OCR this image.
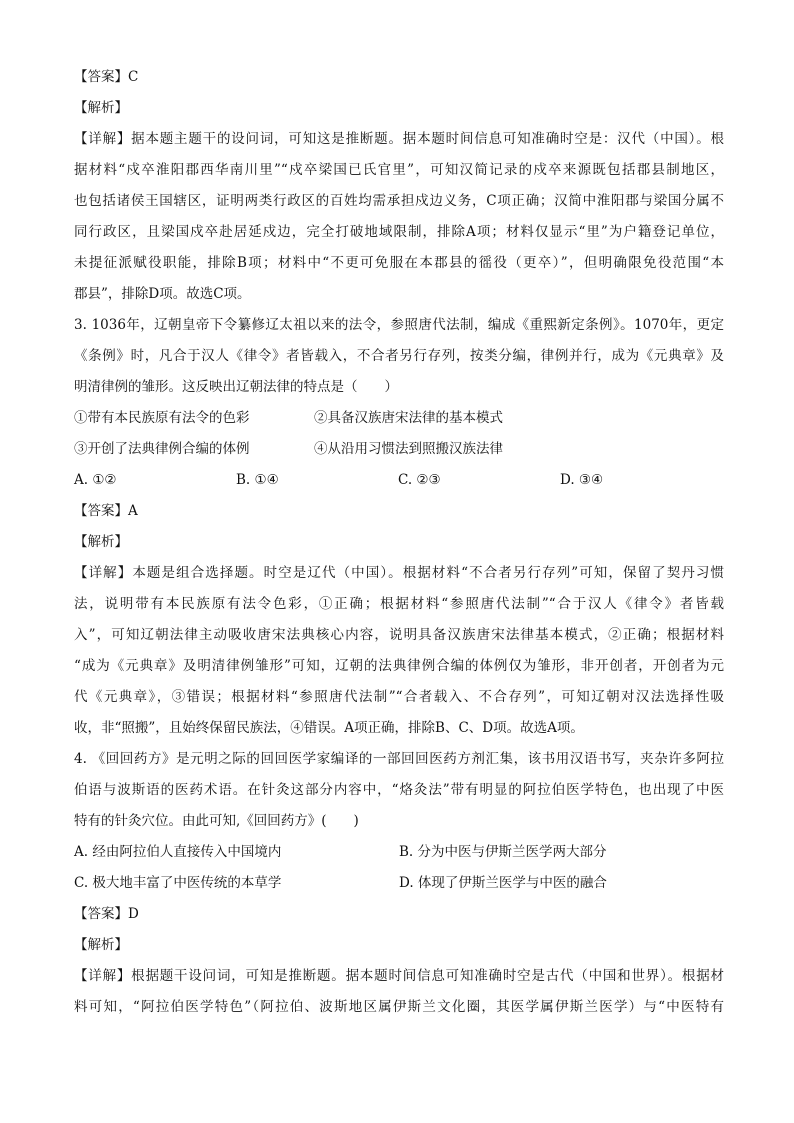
【答案】C
【解析】
【详解】据本题主题干的设问词，可知这是推断题。据本题时间信息可知准确时空是：汉代（中国）。根
据材料“戍卒淮阳郡西华南川里”“戍卒梁国已氏官里”，可知汉简记录的戍卒来源既包括郡县制地区，
也包括诸侯王国辖区，证明两类行政区的百姓均需承担戍边义务，C项正确；汉简中淮阳郡与梁国分属不
同行政区，且梁国戍卒赴居延戍边，完全打破地域限制，排除A项；材料仅显示“里”为户籍登记单位，
未提征派赋役职能，排除B项；材料中“不更可免服在本郡县的徭役（更卒）”，但明确限免役范围“本
郡县”，排除D项。故选C项。
3. 1036年，辽朝皇帝下令纂修辽太祖以来的法令，参照唐代法制，编成《重熙新定条例》。1070年，更定
《条例》时，凡合于汉人《律令》者皆载入，不合者另行存列，按类分编，律例并行，成为《元典章》及
明清律例的雏形。这反映出辽朝法律的特点是（　　）
①带有本民族原有法令的色彩	②具备汉族唐宋法律的基本模式
③开创了法典律例合编的体例	④从沿用习惯法到照搬汉族法律
A. ①②	B. ①④	C. ②③	D. ③④
【答案】A
【解析】
【详解】本题是组合选择题。时空是辽代（中国）。根据材料“不合者另行存列”可知，保留了契丹习惯
法，说明带有本民族原有法令色彩，①正确；根据材料“参照唐代法制”“合于汉人《律令》者皆载
入”，可知辽朝法律主动吸收唐宋法典核心内容，说明具备汉族唐宋法律基本模式，②正确；根据材料
“成为《元典章》及明清律例雏形”可知，辽朝的法典律例合编的体例仅为雏形，非开创者，开创者为元
代《元典章》，③错误；根据材料“参照唐代法制”“合者载入、不合存列”，可知辽朝对汉法选择性吸
收，非“照搬”，且始终保留民族法，④错误。A项正确，排除B、C、D项。故选A项。
4. 《回回药方》是元明之际的回回医学家编译的一部回回医药方剂汇集，该书用汉语书写，夹杂许多阿拉
伯语与波斯语的医药术语。在针灸这部分内容中，“烙灸法”带有明显的阿拉伯医学特色，也出现了中医
特有的针灸穴位。由此可知,《回回药方》(　　)
A. 经由阿拉伯人直接传入中国境内	B. 分为中医与伊斯兰医学两大部分
C. 极大地丰富了中医传统的本草学	D. 体现了伊斯兰医学与中医的融合
【答案】D
【解析】
【详解】根据题干设问词，可知是推断题。据本题时间信息可知准确时空是古代（中国和世界）。根据材
料可知，“阿拉伯医学特色”（阿拉伯、波斯地区属伊斯兰文化圈，其医学属伊斯兰医学）与“中医特有
